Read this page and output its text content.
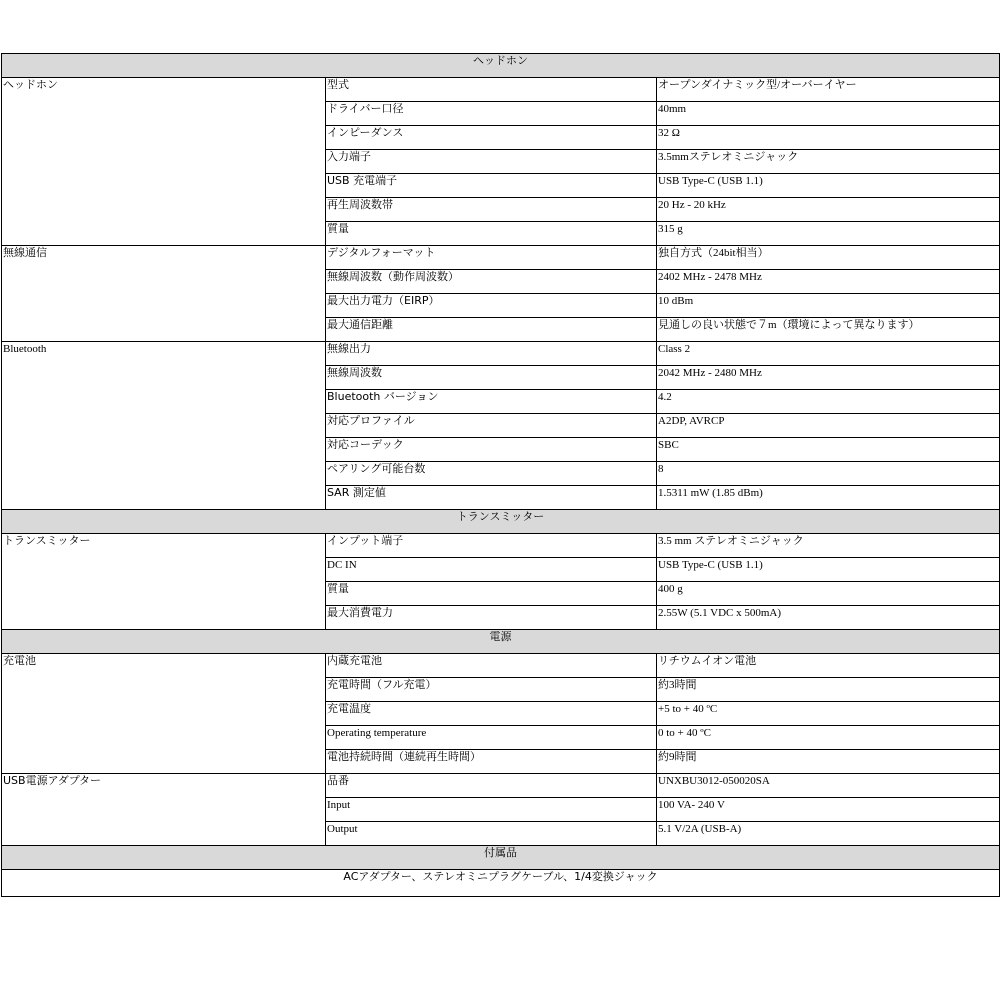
ヘッドホン		
ヘッドホン	型式	オープンダイナミック型/オーバーイヤー
	ドライバー口径	40mm
	インピーダンス	32 Ω
	入力端子	3.5mmステレオミニジャック
	USB 充電端子	USB Type-C (USB 1.1)
	再生周波数帯	20 Hz - 20 kHz
	質量	315 g
無線通信	デジタルフォーマット	独自方式（24bit相当）
	無線周波数（動作周波数）	2402 MHz - 2478 MHz
	最大出力電力（EIRP）	10 dBm
	最大通信距離	見通しの良い状態で７m（環境によって異なります）
Bluetooth	無線出力	Class 2
	無線周波数	2042 MHz - 2480 MHz
	Bluetooth バージョン	4.2
	対応プロファイル	A2DP, AVRCP
	対応コーデック	SBC
	ペアリング可能台数	8
	SAR 測定値	1.5311 mW (1.85 dBm)
トランスミッター		
トランスミッター	インプット端子	3.5 mm ステレオミニジャック
	DC IN	USB Type-C (USB 1.1)
	質量	400 g
	最大消費電力	2.55W (5.1 VDC x 500mA)
電源		
充電池	内蔵充電池	リチウムイオン電池
	充電時間（フル充電）	約3時間
	充電温度	+5 to + 40 ºC
	Operating temperature	0 to + 40 ºC
	電池持続時間（連続再生時間）	約9時間
USB電源アダプター	品番	UNXBU3012-050020SA
	Input	100 VA- 240 V
	Output	5.1 V/2A (USB-A)
付属品		
ACアダプター、ステレオミニプラグケーブル、1/4変換ジャック		
